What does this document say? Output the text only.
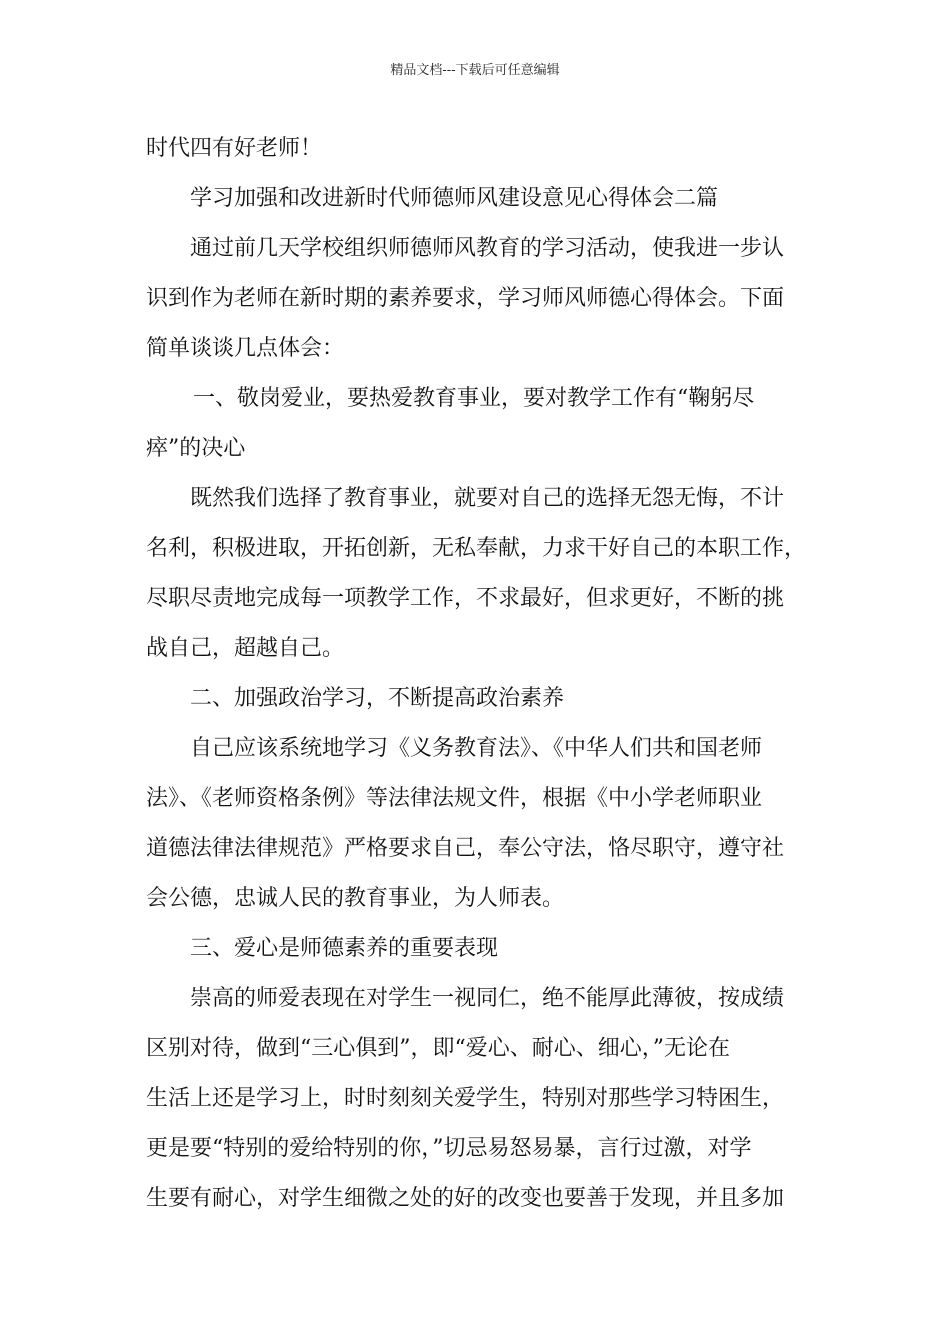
精品文档---下载后可任意编辑
时代四有好老师！
学习加强和改进新时代师德师风建设意见心得体会二篇
通过前几天学校组织师德师风教育的学习活动，使我进一步认
识到作为老师在新时期的素养要求，学习师风师德心得体会。下面
简单谈谈几点体会：
一、敬岗爱业，要热爱教育事业，要对教学工作有“鞠躬尽
瘁”的决心
既然我们选择了教育事业，就要对自己的选择无怨无悔，不计
名利，积极进取，开拓创新，无私奉献，力求干好自己的本职工作，
尽职尽责地完成每一项教学工作，不求最好，但求更好，不断的挑
战自己，超越自己。
二、加强政治学习，不断提高政治素养
自己应该系统地学习《义务教育法》、《中华人们共和国老师
法》、《老师资格条例》等法律法规文件，根据《中小学老师职业
道德法律法律规范》严格要求自己，奉公守法，恪尽职守，遵守社
会公德，忠诚人民的教育事业，为人师表。
三、爱心是师德素养的重要表现
崇高的师爱表现在对学生一视同仁，绝不能厚此薄彼，按成绩
区别对待，做到“三心俱到”，即“爱心、耐心、细心，”无论在
生活上还是学习上，时时刻刻关爱学生，特别对那些学习特困生，
更是要“特别的爱给特别的你，”切忌易怒易暴，言行过激，对学
生要有耐心，对学生细微之处的好的改变也要善于发现，并且多加
